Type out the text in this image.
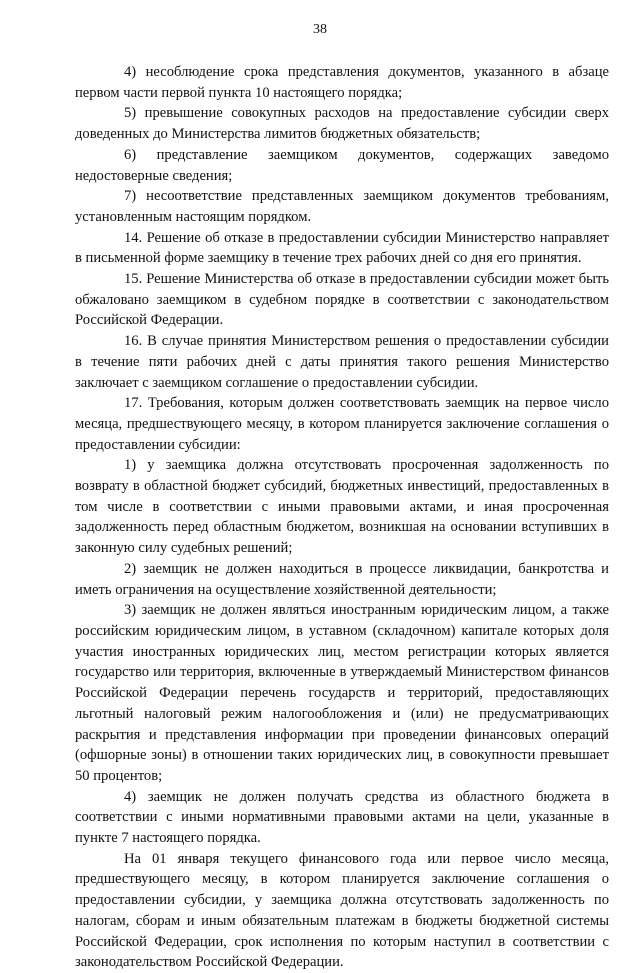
38

4) несоблюдение срока представления документов, указанного в абзаце первом части первой пункта 10 настоящего порядка;

5) превышение совокупных расходов на предоставление субсидии сверх доведенных до Министерства лимитов бюджетных обязательств;

6) представление заемщиком документов, содержащих заведомо недостоверные сведения;

7) несоответствие представленных заемщиком документов требованиям, установленным настоящим порядком.

14. Решение об отказе в предоставлении субсидии Министерство направляет в письменной форме заемщику в течение трех рабочих дней со дня его принятия.

15. Решение Министерства об отказе в предоставлении субсидии может быть обжаловано заемщиком в судебном порядке в соответствии с законодательством Российской Федерации.

16. В случае принятия Министерством решения о предоставлении субсидии в течение пяти рабочих дней с даты принятия такого решения Министерство заключает с заемщиком соглашение о предоставлении субсидии.

17. Требования, которым должен соответствовать заемщик на первое число месяца, предшествующего месяцу, в котором планируется заключение соглашения о предоставлении субсидии:

1) у заемщика должна отсутствовать просроченная задолженность по возврату в областной бюджет субсидий, бюджетных инвестиций, предоставленных в том числе в соответствии с иными правовыми актами, и иная просроченная задолженность перед областным бюджетом, возникшая на основании вступивших в законную силу судебных решений;

2) заемщик не должен находиться в процессе ликвидации, банкротства и иметь ограничения на осуществление хозяйственной деятельности;

3) заемщик не должен являться иностранным юридическим лицом, а также российским юридическим лицом, в уставном (складочном) капитале которых доля участия иностранных юридических лиц, местом регистрации которых является государство или территория, включенные в утверждаемый Министерством финансов Российской Федерации перечень государств и территорий, предоставляющих льготный налоговый режим налогообложения и (или) не предусматривающих раскрытия и представления информации при проведении финансовых операций (офшорные зоны) в отношении таких юридических лиц, в совокупности превышает 50 процентов;

4) заемщик не должен получать средства из областного бюджета в соответствии с иными нормативными правовыми актами на цели, указанные в пункте 7 настоящего порядка.

На 01 января текущего финансового года или первое число месяца, предшествующего месяцу, в котором планируется заключение соглашения о предоставлении субсидии, у заемщика должна отсутствовать задолженность по налогам, сборам и иным обязательным платежам в бюджеты бюджетной системы Российской Федерации, срок исполнения по которым наступил в соответствии с законодательством Российской Федерации.
